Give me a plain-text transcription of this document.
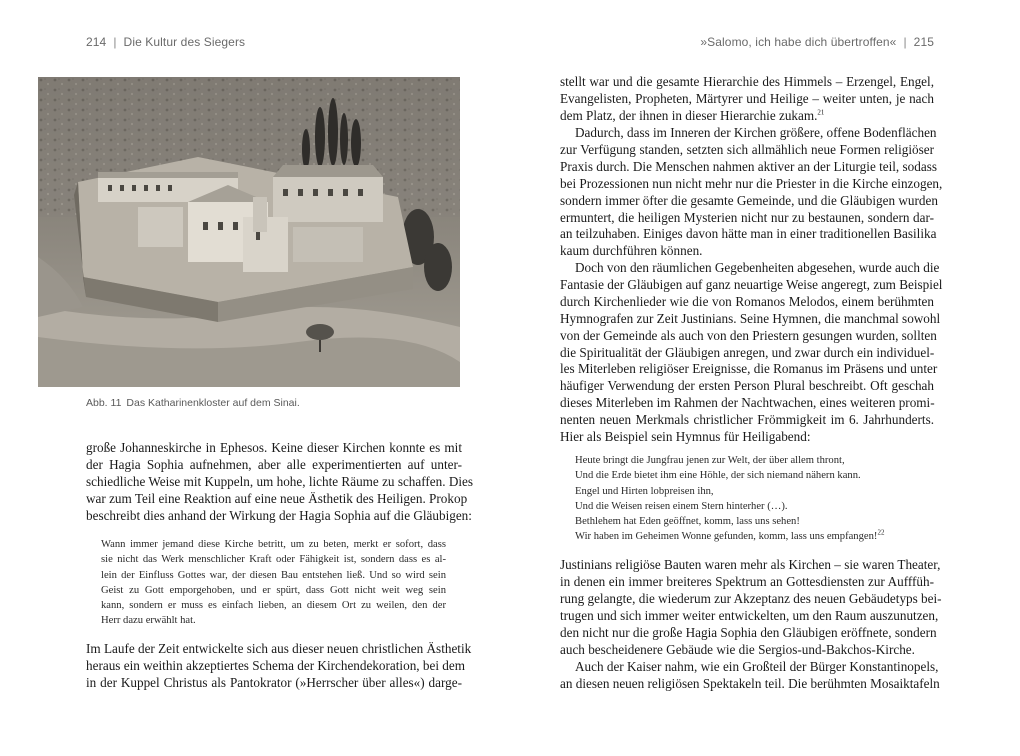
214 | Die Kultur des Siegers
Abb. 11 Das Katharinenkloster auf dem Sinai.
große Johanneskirche in Ephesos. Keine dieser Kirchen konnte es mit
der Hagia Sophia aufnehmen, aber alle experimentierten auf unter-
schiedliche Weise mit Kuppeln, um hohe, lichte Räume zu schaffen. Dies
war zum Teil eine Reaktion auf eine neue Ästhetik des Heiligen. Prokop
beschreibt dies anhand der Wirkung der Hagia Sophia auf die Gläubigen:
Wann immer jemand diese Kirche betritt, um zu beten, merkt er sofort, dass
sie nicht das Werk menschlicher Kraft oder Fähigkeit ist, sondern dass es al-
lein der Einfluss Gottes war, der diesen Bau entstehen ließ. Und so wird sein
Geist zu Gott emporgehoben, und er spürt, dass Gott nicht weit weg sein
kann, sondern er muss es einfach lieben, an diesem Ort zu weilen, den der
Herr dazu erwählt hat.
Im Laufe der Zeit entwickelte sich aus dieser neuen christlichen Ästhetik
heraus ein weithin akzeptiertes Schema der Kirchendekoration, bei dem
in der Kuppel Christus als Pantokrator (»Herrscher über alles«) darge-
»Salomo, ich habe dich übertroffen« | 215
stellt war und die gesamte Hierarchie des Himmels – Erzengel, Engel,
Evangelisten, Propheten, Märtyrer und Heilige – weiter unten, je nach
dem Platz, der ihnen in dieser Hierarchie zukam.$^{21}$
Dadurch, dass im Inneren der Kirchen größere, offene Bodenflächen
zur Verfügung standen, setzten sich allmählich neue Formen religiöser
Praxis durch. Die Menschen nahmen aktiver an der Liturgie teil, sodass
bei Prozessionen nun nicht mehr nur die Priester in die Kirche einzogen,
sondern immer öfter die gesamte Gemeinde, und die Gläubigen wurden
ermuntert, die heiligen Mysterien nicht nur zu bestaunen, sondern dar-
an teilzuhaben. Einiges davon hätte man in einer traditionellen Basilika
kaum durchführen können.
Doch von den räumlichen Gegebenheiten abgesehen, wurde auch die
Fantasie der Gläubigen auf ganz neuartige Weise angeregt, zum Beispiel
durch Kirchenlieder wie die von Romanos Melodos, einem berühmten
Hymnografen zur Zeit Justinians. Seine Hymnen, die manchmal sowohl
von der Gemeinde als auch von den Priestern gesungen wurden, sollten
die Spiritualität der Gläubigen anregen, und zwar durch ein individuel-
les Miterleben religiöser Ereignisse, die Romanus im Präsens und unter
häufiger Verwendung der ersten Person Plural beschreibt. Oft geschah
dieses Miterleben im Rahmen der Nachtwachen, eines weiteren promi-
nenten neuen Merkmals christlicher Frömmigkeit im 6. Jahrhunderts.
Hier als Beispiel sein Hymnus für Heiligabend:
Heute bringt die Jungfrau jenen zur Welt, der über allem thront,
Und die Erde bietet ihm eine Höhle, der sich niemand nähern kann.
Engel und Hirten lobpreisen ihn,
Und die Weisen reisen einem Stern hinterher (…).
Bethlehem hat Eden geöffnet, komm, lass uns sehen!
Wir haben im Geheimen Wonne gefunden, komm, lass uns empfangen!$^{22}$
Justinians religiöse Bauten waren mehr als Kirchen – sie waren Theater,
in denen ein immer breiteres Spektrum an Gottesdiensten zur Aufffüh-
rung gelangte, die wiederum zur Akzeptanz des neuen Gebäudetyps bei-
trugen und sich immer weiter entwickelten, um den Raum auszunutzen,
den nicht nur die große Hagia Sophia den Gläubigen eröffnete, sondern
auch bescheidenere Gebäude wie die Sergios-und-Bakchos-Kirche.
Auch der Kaiser nahm, wie ein Großteil der Bürger Konstantinopels,
an diesen neuen religiösen Spektakeln teil. Die berühmten Mosaiktafeln
